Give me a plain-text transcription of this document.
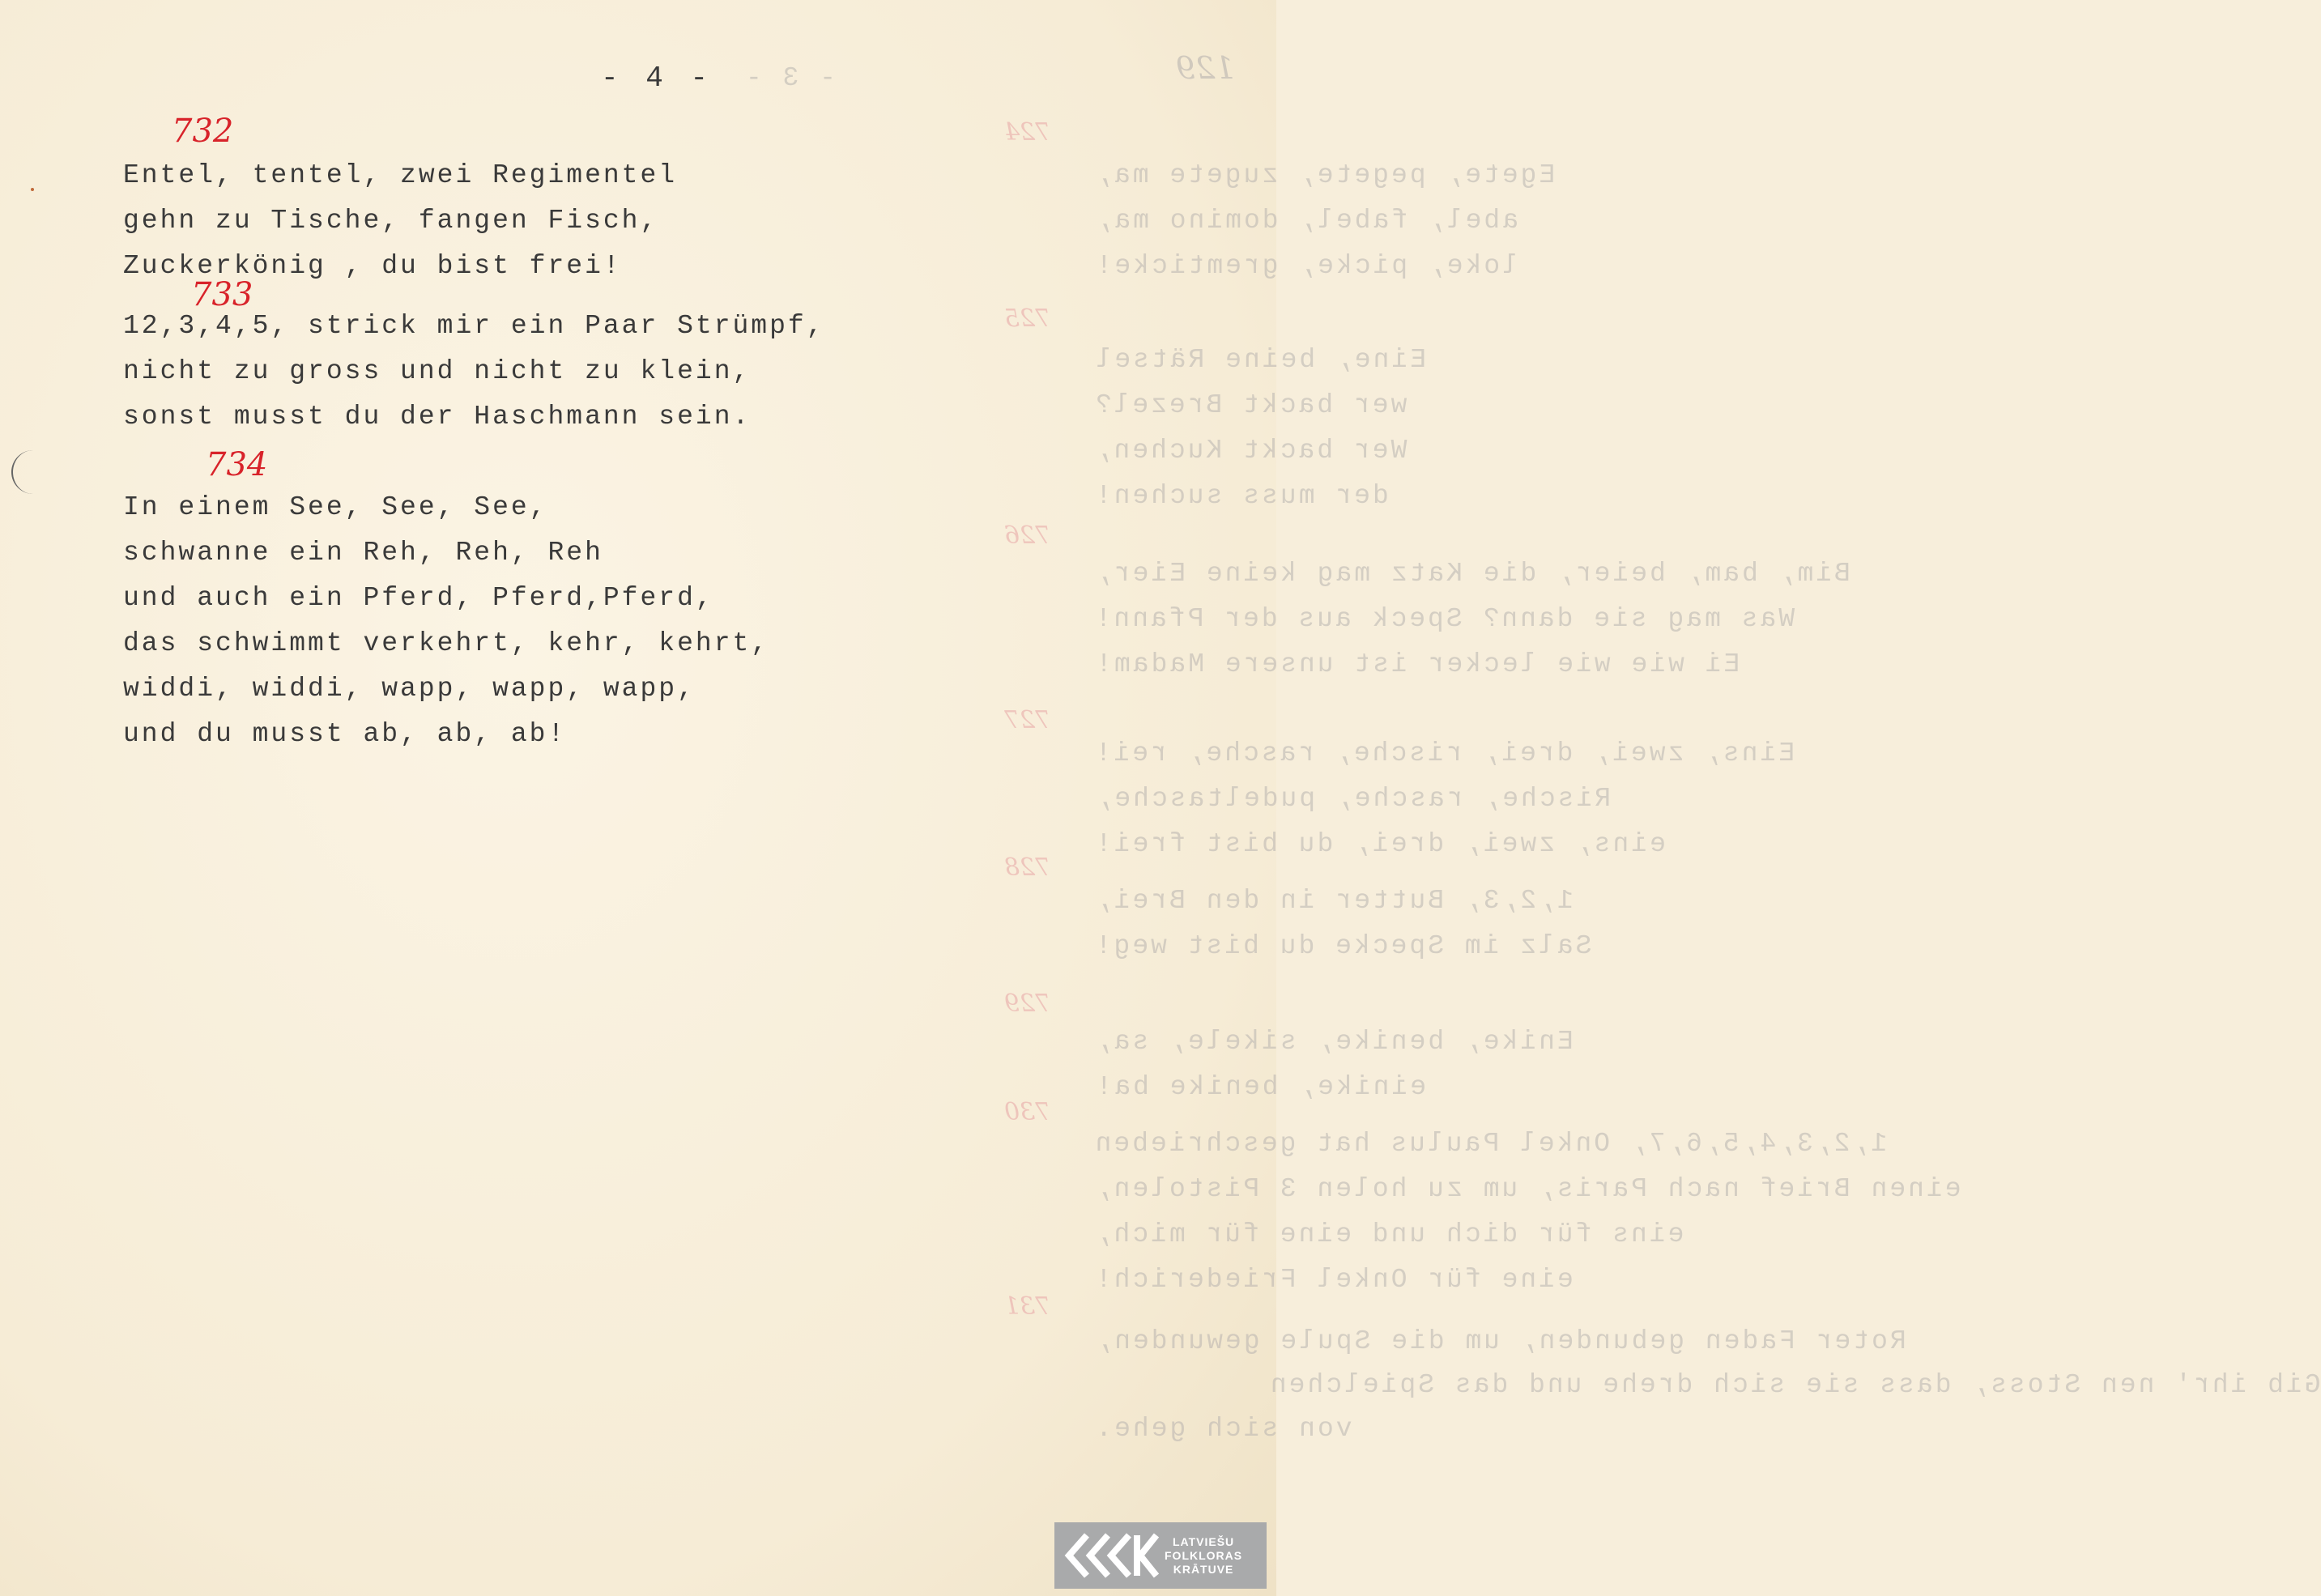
- 3 -	129
- 4 -
724
Egete, pegete, zugete ma,
abel, fabel, domino ma,
loke, picke, gremticke!
725
Eine, beine Rätsel
wer backt Brezel?
Wer backt Kuchen,
der muss suchen!
726
Bim, bam, beier, die Katz mag keine Eier,
Was mag sie dann? Speck aus der Pfann!
Ei wie wie lecker ist unsere Madam!
727
Eins, zwei, drei, rische, rasche, rei!
Rische, rasche, pudeltasche,
eins, zwei, drei, du bist frei!
728
1,2,3, Butter in den Brei,
Salz im Specke du bist weg!
729
Enike, benike, sikele, sa,
einike, benike ba!
730
1,2,3,4,5,6,7, Onkel Paulus hat geschrieben
einen Brief nach Paris, um zu holen 3 Pistolen,
eins für dich und eine für mich,
eine für Onkel Friederich!
731
Roter Faden gebunden, um die Spule gewunden,
Gib ihr' nen Stoss, dass sie sich drehe und das Spielchen
von sich gehe.
732
Entel, tentel, zwei Regimentel
gehn zu Tische, fangen Fisch,
Zuckerkönig , du bist frei!
733
12,3,4,5, strick mir ein Paar Strümpf,
nicht zu gross und nicht zu klein,
sonst musst du der Haschmann sein.
734
In einem See, See, See,
schwanne ein Reh, Reh, Reh
und auch ein Pferd, Pferd,Pferd,
das schwimmt verkehrt, kehr, kehrt,
widdi, widdi, wapp, wapp, wapp,
und du musst ab, ab, ab!
LATVIEŠU
FOLKLORAS
KRĀTUVE
